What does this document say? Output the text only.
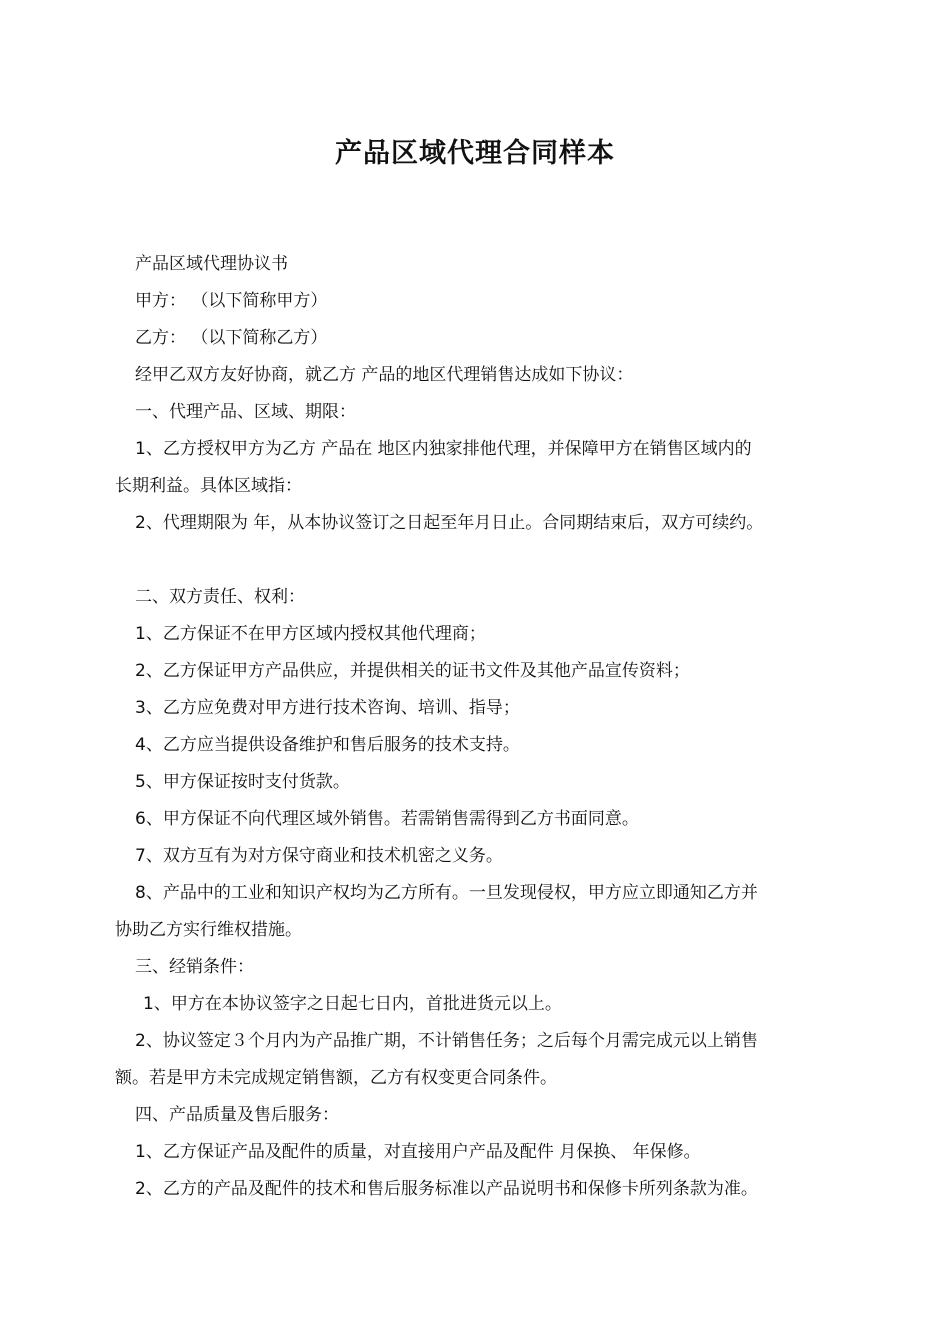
产品区域代理合同样本
产品区域代理协议书
甲方： （以下简称甲方）
乙方： （以下简称乙方）
经甲乙双方友好协商，就乙方 产品的地区代理销售达成如下协议：
一、代理产品、区域、期限：
1、乙方授权甲方为乙方 产品在 地区内独家排他代理，并保障甲方在销售区域内的
长期利益。具体区域指：
2、代理期限为 年，从本协议签订之日起至年月日止。合同期结束后，双方可续约。
二、双方责任、权利：
1、乙方保证不在甲方区域内授权其他代理商；
2、乙方保证甲方产品供应，并提供相关的证书文件及其他产品宣传资料；
3、乙方应免费对甲方进行技术咨询、培训、指导；
4、乙方应当提供设备维护和售后服务的技术支持。
5、甲方保证按时支付货款。
6、甲方保证不向代理区域外销售。若需销售需得到乙方书面同意。
7、双方互有为对方保守商业和技术机密之义务。
8、产品中的工业和知识产权均为乙方所有。一旦发现侵权，甲方应立即通知乙方并
协助乙方实行维权措施。
三、经销条件：
1、甲方在本协议签字之日起七日内，首批进货元以上。
2、协议签定３个月内为产品推广期，不计销售任务；之后每个月需完成元以上销售
额。若是甲方未完成规定销售额，乙方有权变更合同条件。
四、产品质量及售后服务：
1、乙方保证产品及配件的质量，对直接用户产品及配件 月保换、 年保修。
2、乙方的产品及配件的技术和售后服务标准以产品说明书和保修卡所列条款为准。
